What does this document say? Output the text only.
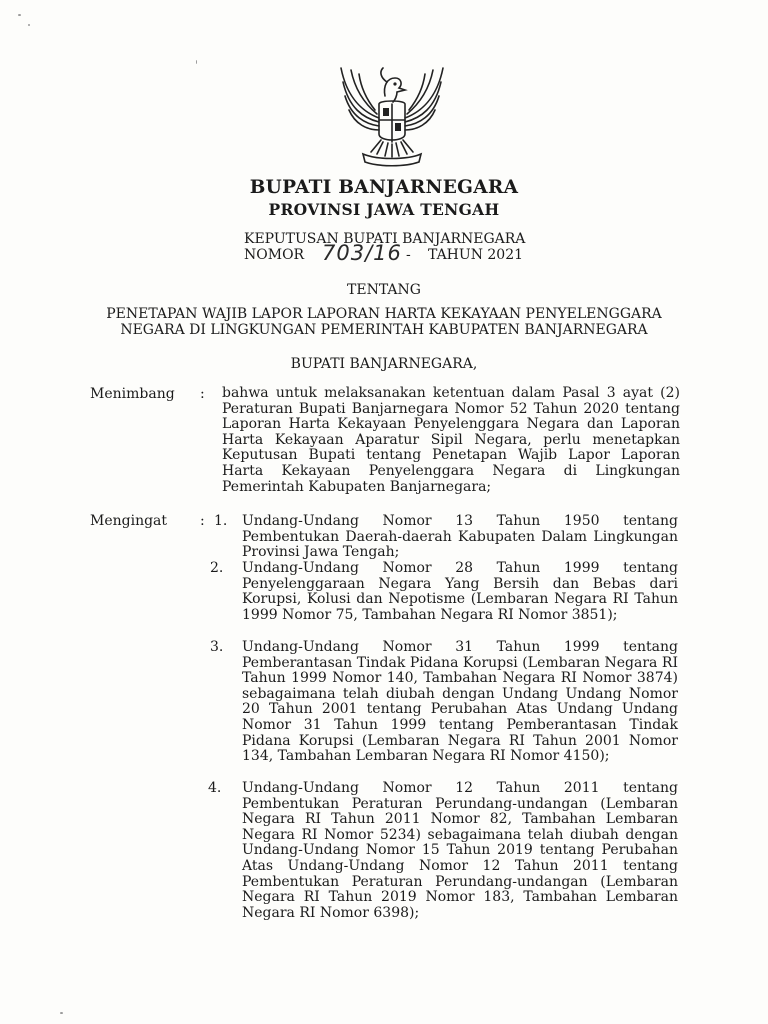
BUPATI BANJARNEGARA
PROVINSI JAWA TENGAH
KEPUTUSAN BUPATI BANJARNEGARA
NOMOR 703/16 - TAHUN 2021
TENTANG
PENETAPAN WAJIB LAPOR LAPORAN HARTA KEKAYAAN PENYELENGGARA
NEGARA DI LINGKUNGAN PEMERINTAH KABUPATEN BANJARNEGARA
BUPATI BANJARNEGARA,
Menimbang : bahwa untuk melaksanakan ketentuan dalam Pasal 3 ayat (2) Peraturan Bupati Banjarnegara Nomor 52 Tahun 2020 tentang Laporan Harta Kekayaan Penyelenggara Negara dan Laporan Harta Kekayaan Aparatur Sipil Negara, perlu menetapkan Keputusan Bupati tentang Penetapan Wajib Lapor Laporan Harta Kekayaan Penyelenggara Negara di Lingkungan Pemerintah Kabupaten Banjarnegara;
Mengingat : 1. Undang-Undang Nomor 13 Tahun 1950 tentang Pembentukan Daerah-daerah Kabupaten Dalam Lingkungan Provinsi Jawa Tengah;
2. Undang-Undang Nomor 28 Tahun 1999 tentang Penyelenggaraan Negara Yang Bersih dan Bebas dari Korupsi, Kolusi dan Nepotisme (Lembaran Negara RI Tahun 1999 Nomor 75, Tambahan Negara RI Nomor 3851);
3. Undang-Undang Nomor 31 Tahun 1999 tentang Pemberantasan Tindak Pidana Korupsi (Lembaran Negara RI Tahun 1999 Nomor 140, Tambahan Negara RI Nomor 3874) sebagaimana telah diubah dengan Undang Undang Nomor 20 Tahun 2001 tentang Perubahan Atas Undang Undang Nomor 31 Tahun 1999 tentang Pemberantasan Tindak Pidana Korupsi (Lembaran Negara RI Tahun 2001 Nomor 134, Tambahan Lembaran Negara RI Nomor 4150);
4. Undang-Undang Nomor 12 Tahun 2011 tentang Pembentukan Peraturan Perundang-undangan (Lembaran Negara RI Tahun 2011 Nomor 82, Tambahan Lembaran Negara RI Nomor 5234) sebagaimana telah diubah dengan Undang-Undang Nomor 15 Tahun 2019 tentang Perubahan Atas Undang-Undang Nomor 12 Tahun 2011 tentang Pembentukan Peraturan Perundang-undangan (Lembaran Negara RI Tahun 2019 Nomor 183, Tambahan Lembaran Negara RI Nomor 6398);
